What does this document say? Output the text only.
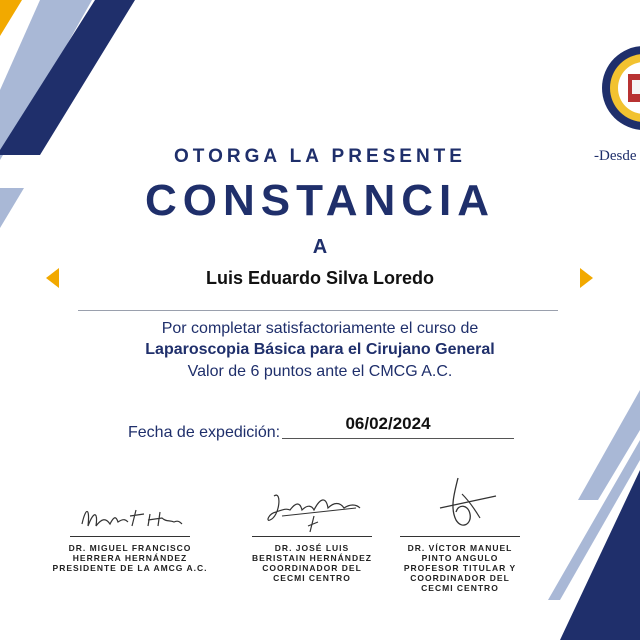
-Desde
OTORGA LA PRESENTE
CONSTANCIA
A
Luis Eduardo Silva Loredo
Por completar satisfactoriamente el curso de
Laparoscopia Básica para el Cirujano General
Valor de 6 puntos ante el CMCG A.C.
Fecha de expedición:	06/02/2024
DR. MIGUEL FRANCISCO
HERRERA HERNÁNDEZ
PRESIDENTE DE LA AMCG A.C.
DR. JOSÉ LUIS
BERISTAIN HERNÁNDEZ
COORDINADOR DEL
CECMI CENTRO
DR. VÍCTOR MANUEL
PINTO ANGULO
PROFESOR TITULAR Y
COORDINADOR DEL
CECMI CENTRO
